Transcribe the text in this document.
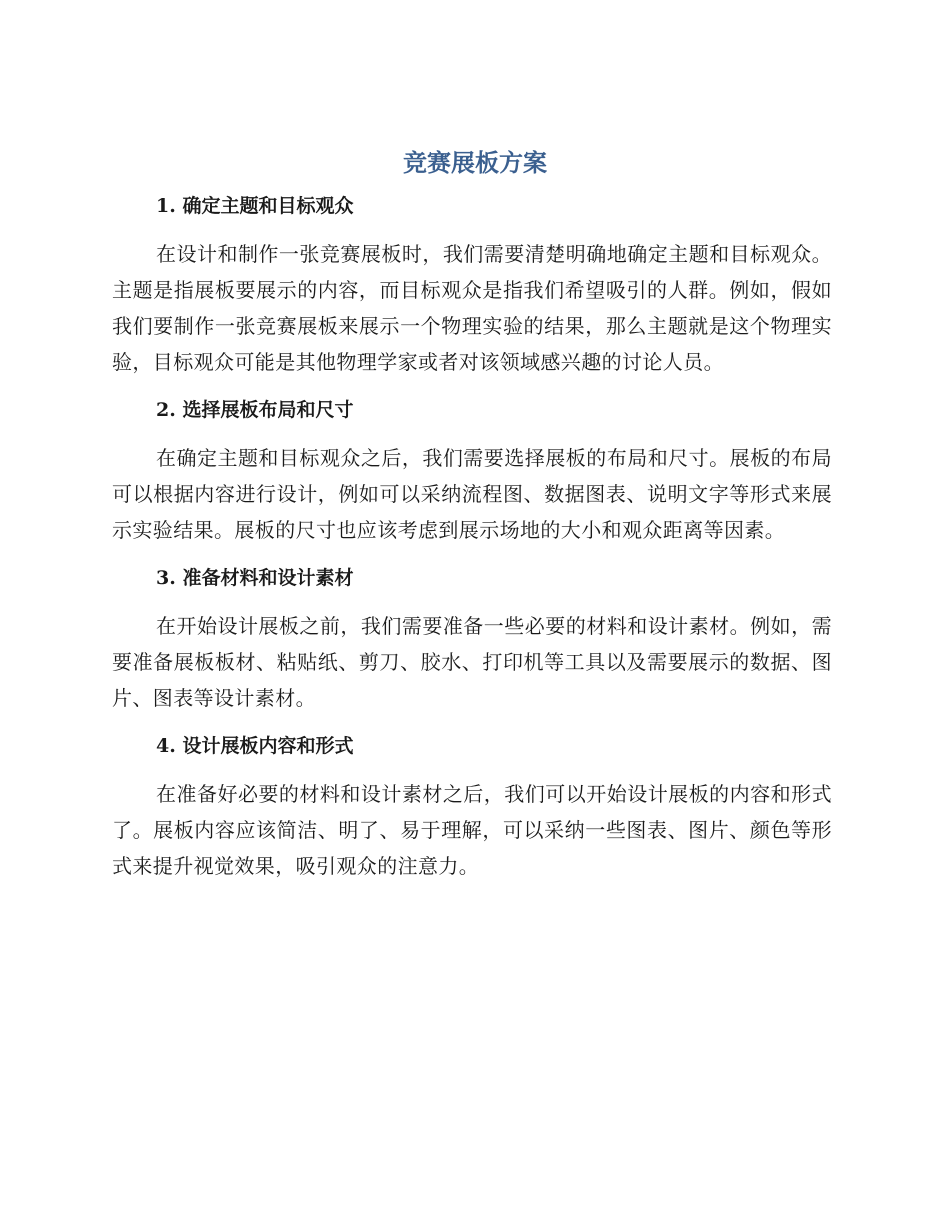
竞赛展板方案
1. 确定主题和目标观众

在设计和制作一张竞赛展板时，我们需要清楚明确地确定主题和目标观众。主题是指展板要展示的内容，而目标观众是指我们希望吸引的人群。例如，假如我们要制作一张竞赛展板来展示一个物理实验的结果，那么主题就是这个物理实验，目标观众可能是其他物理学家或者对该领域感兴趣的讨论人员。

2. 选择展板布局和尺寸

在确定主题和目标观众之后，我们需要选择展板的布局和尺寸。展板的布局可以根据内容进行设计，例如可以采纳流程图、数据图表、说明文字等形式来展示实验结果。展板的尺寸也应该考虑到展示场地的大小和观众距离等因素。

3. 准备材料和设计素材

在开始设计展板之前，我们需要准备一些必要的材料和设计素材。例如，需要准备展板板材、粘贴纸、剪刀、胶水、打印机等工具以及需要展示的数据、图片、图表等设计素材。

4. 设计展板内容和形式

在准备好必要的材料和设计素材之后，我们可以开始设计展板的内容和形式了。展板内容应该简洁、明了、易于理解，可以采纳一些图表、图片、颜色等形式来提升视觉效果，吸引观众的注意力。
